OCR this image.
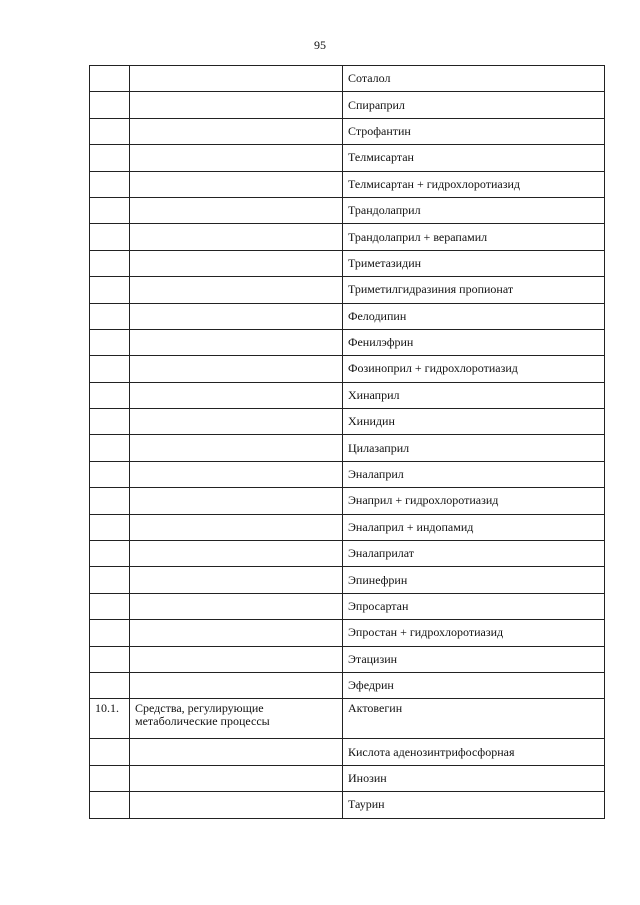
95
		Соталол
		Спираприл
		Строфантин
		Телмисартан
		Телмисартан + гидрохлоротиазид
		Трандолаприл
		Трандолаприл + верапамил
		Триметазидин
		Триметилгидразиния пропионат
		Фелодипин
		Фенилэфрин
		Фозиноприл + гидрохлоротиазид
		Хинаприл
		Хинидин
		Цилазаприл
		Эналаприл
		Энаприл + гидрохлоротиазид
		Эналаприл + индопамид
		Эналаприлат
		Эпинефрин
		Эпросартан
		Эпростан + гидрохлоротиазид
		Этацизин
		Эфедрин
10.1.	Средства, регулирующие метаболические процессы	Актовегин
		Кислота аденозинтрифосфорная
		Инозин
		Таурин
